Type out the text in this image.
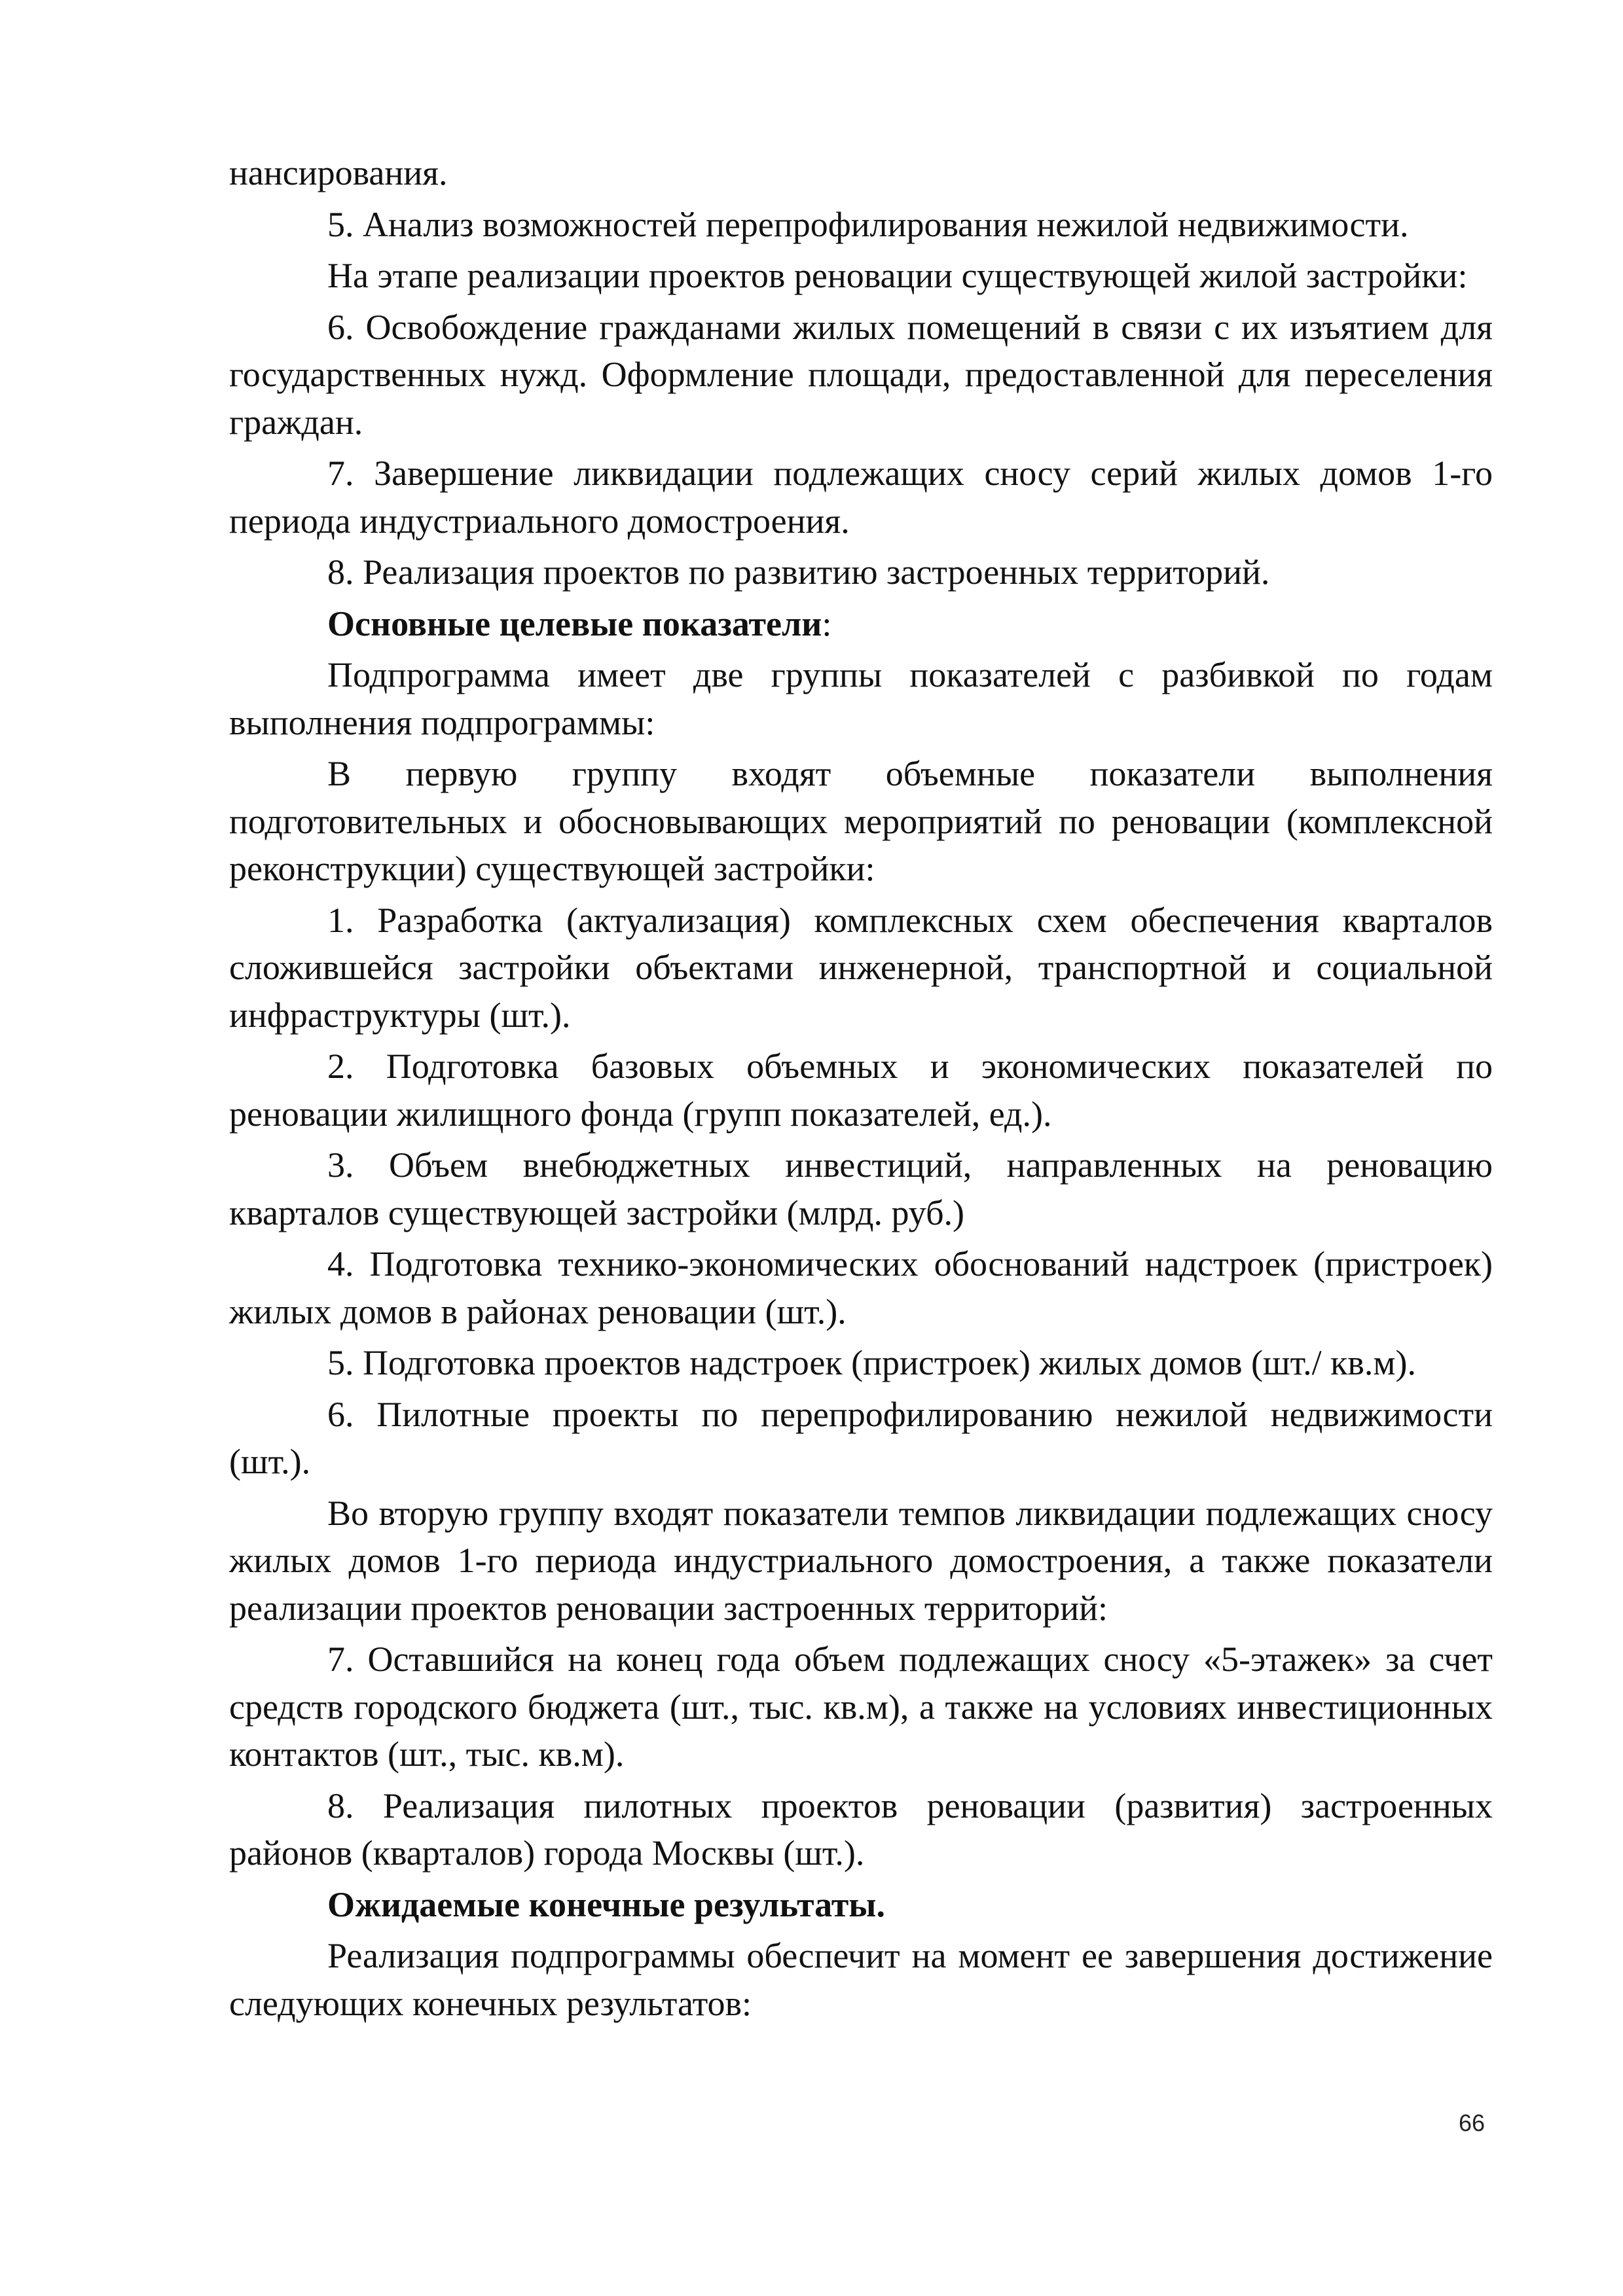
нансирования.

5. Анализ возможностей перепрофилирования нежилой недвижимости.

На этапе реализации проектов реновации существующей жилой застройки:

6. Освобождение гражданами жилых помещений в связи с их изъятием для государственных нужд. Оформление площади, предоставленной для переселения граждан.

7. Завершение ликвидации подлежащих сносу серий жилых домов 1-го периода индустриального домостроения.

8. Реализация проектов по развитию застроенных территорий.

Основные целевые показатели:

Подпрограмма имеет две группы показателей с разбивкой по годам выполнения подпрограммы:

В первую группу входят объемные показатели выполнения подготовительных и обосновывающих мероприятий по реновации (комплексной реконструкции) существующей застройки:

1. Разработка (актуализация) комплексных схем обеспечения кварталов сложившейся застройки объектами инженерной, транспортной и социальной инфраструктуры (шт.).

2. Подготовка базовых объемных и экономических показателей по реновации жилищного фонда (групп показателей, ед.).

3. Объем внебюджетных инвестиций, направленных на реновацию кварталов существующей застройки (млрд. руб.)

4. Подготовка технико-экономических обоснований надстроек (пристроек) жилых домов в районах реновации (шт.).

5. Подготовка проектов надстроек (пристроек) жилых домов (шт./ кв.м).

6. Пилотные проекты по перепрофилированию нежилой недвижимости (шт.).

Во вторую группу входят показатели темпов ликвидации подлежащих сносу жилых домов 1-го периода индустриального домостроения, а также показатели реализации проектов реновации застроенных территорий:

7. Оставшийся на конец года объем подлежащих сносу «5-этажек» за счет средств городского бюджета (шт., тыс. кв.м), а также на условиях инвестиционных контактов (шт., тыс. кв.м).

8. Реализация пилотных проектов реновации (развития) застроенных районов (кварталов) города Москвы (шт.).

Ожидаемые конечные результаты.

Реализация подпрограммы обеспечит на момент ее завершения достижение следующих конечных результатов:

66
